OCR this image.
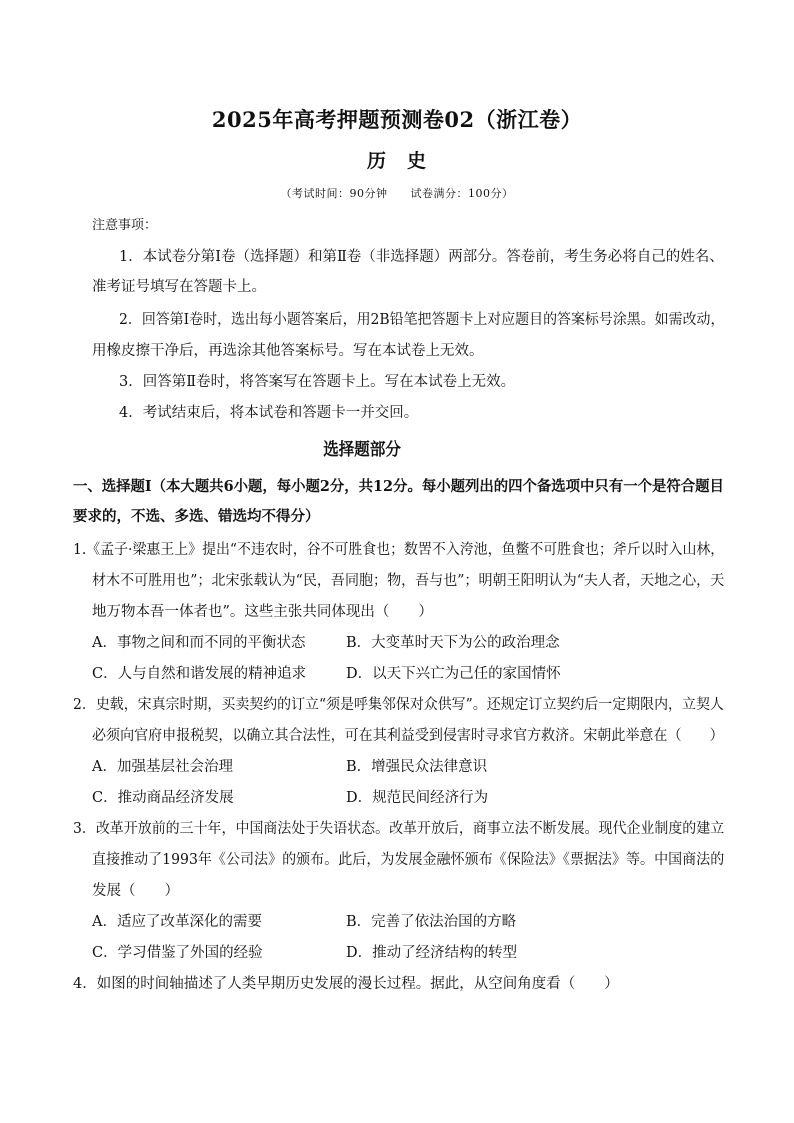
2025年高考押题预测卷02（浙江卷）
历　史
（考试时间：90分钟　　试卷满分：100分）
注意事项：
1．本试卷分第Ⅰ卷（选择题）和第Ⅱ卷（非选择题）两部分。答卷前，考生务必将自己的姓名、
准考证号填写在答题卡上。
2．回答第Ⅰ卷时，选出每小题答案后，用2B铅笔把答题卡上对应题目的答案标号涂黑。如需改动，
用橡皮擦干净后，再选涂其他答案标号。写在本试卷上无效。
3．回答第Ⅱ卷时，将答案写在答题卡上。写在本试卷上无效。
4．考试结束后，将本试卷和答题卡一并交回。
选择题部分
一、选择题Ⅰ（本大题共6小题，每小题2分，共12分。每小题列出的四个备选项中只有一个是符合题目
要求的，不选、多选、错选均不得分）
1.《孟子·梁惠王上》提出“不违农时，谷不可胜食也；数罟不入洿池，鱼鳖不可胜食也；斧斤以时入山林，
材木不可胜用也”；北宋张载认为“民，吾同胞；物，吾与也”；明朝王阳明认为“夫人者，天地之心，天
地万物本吾一体者也”。这些主张共同体现出（　　）
A．事物之间和而不同的平衡状态	B．大变革时天下为公的政治理念
C．人与自然和谐发展的精神追求	D．以天下兴亡为己任的家国情怀
2．史载，宋真宗时期，买卖契约的订立“须是呼集邻保对众供写”。还规定订立契约后一定期限内，立契人
必须向官府申报税契，以确立其合法性，可在其利益受到侵害时寻求官方救济。宋朝此举意在（　　）
A．加强基层社会治理	B．增强民众法律意识
C．推动商品经济发展	D．规范民间经济行为
3．改革开放前的三十年，中国商法处于失语状态。改革开放后，商事立法不断发展。现代企业制度的建立
直接推动了1993年《公司法》的颁布。此后，为发展金融怀颁布《保险法》《票据法》等。中国商法的
发展（　　）
A．适应了改革深化的需要	B．完善了依法治国的方略
C．学习借鉴了外国的经验	D．推动了经济结构的转型
4．如图的时间轴描述了人类早期历史发展的漫长过程。据此，从空间角度看（　　）
